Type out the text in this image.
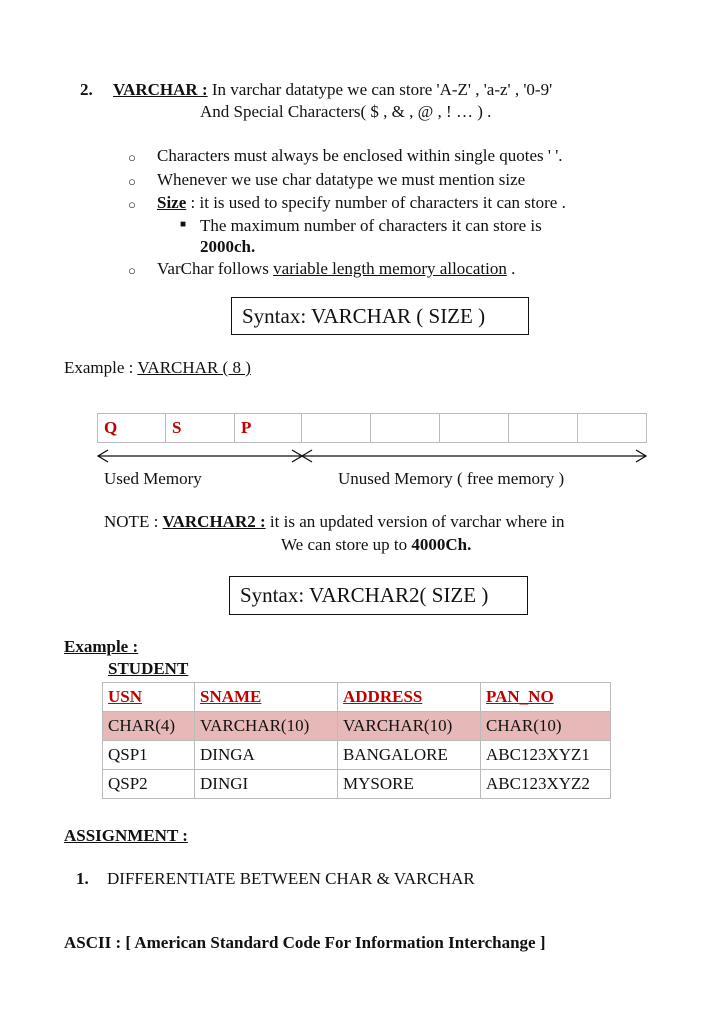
2. VARCHAR : In varchar datatype we can store 'A-Z' , 'a-z' , '0-9'
And Special Characters( $ , & , @ , ! … ) .
○ Characters must always be enclosed within single quotes ' '.
○ Whenever we use char datatype we must mention size
○ Size : it is used to specify number of characters it can store .
■ The maximum number of characters it can store is
2000ch.
○ VarChar follows variable length memory allocation .
Syntax: VARCHAR ( SIZE )
Example : VARCHAR ( 8 )
Q	S	P					
Used Memory	Unused Memory ( free memory )
NOTE : VARCHAR2 : it is an updated version of varchar where in
We can store up to 4000Ch.
Syntax: VARCHAR2( SIZE )
Example :
STUDENT
USN	SNAME	ADDRESS	PAN_NO
CHAR(4)	VARCHAR(10)	VARCHAR(10)	CHAR(10)
QSP1	DINGA	BANGALORE	ABC123XYZ1
QSP2	DINGI	MYSORE	ABC123XYZ2
ASSIGNMENT :
1. DIFFERENTIATE BETWEEN CHAR & VARCHAR
ASCII : [ American Standard Code For Information Interchange ]
